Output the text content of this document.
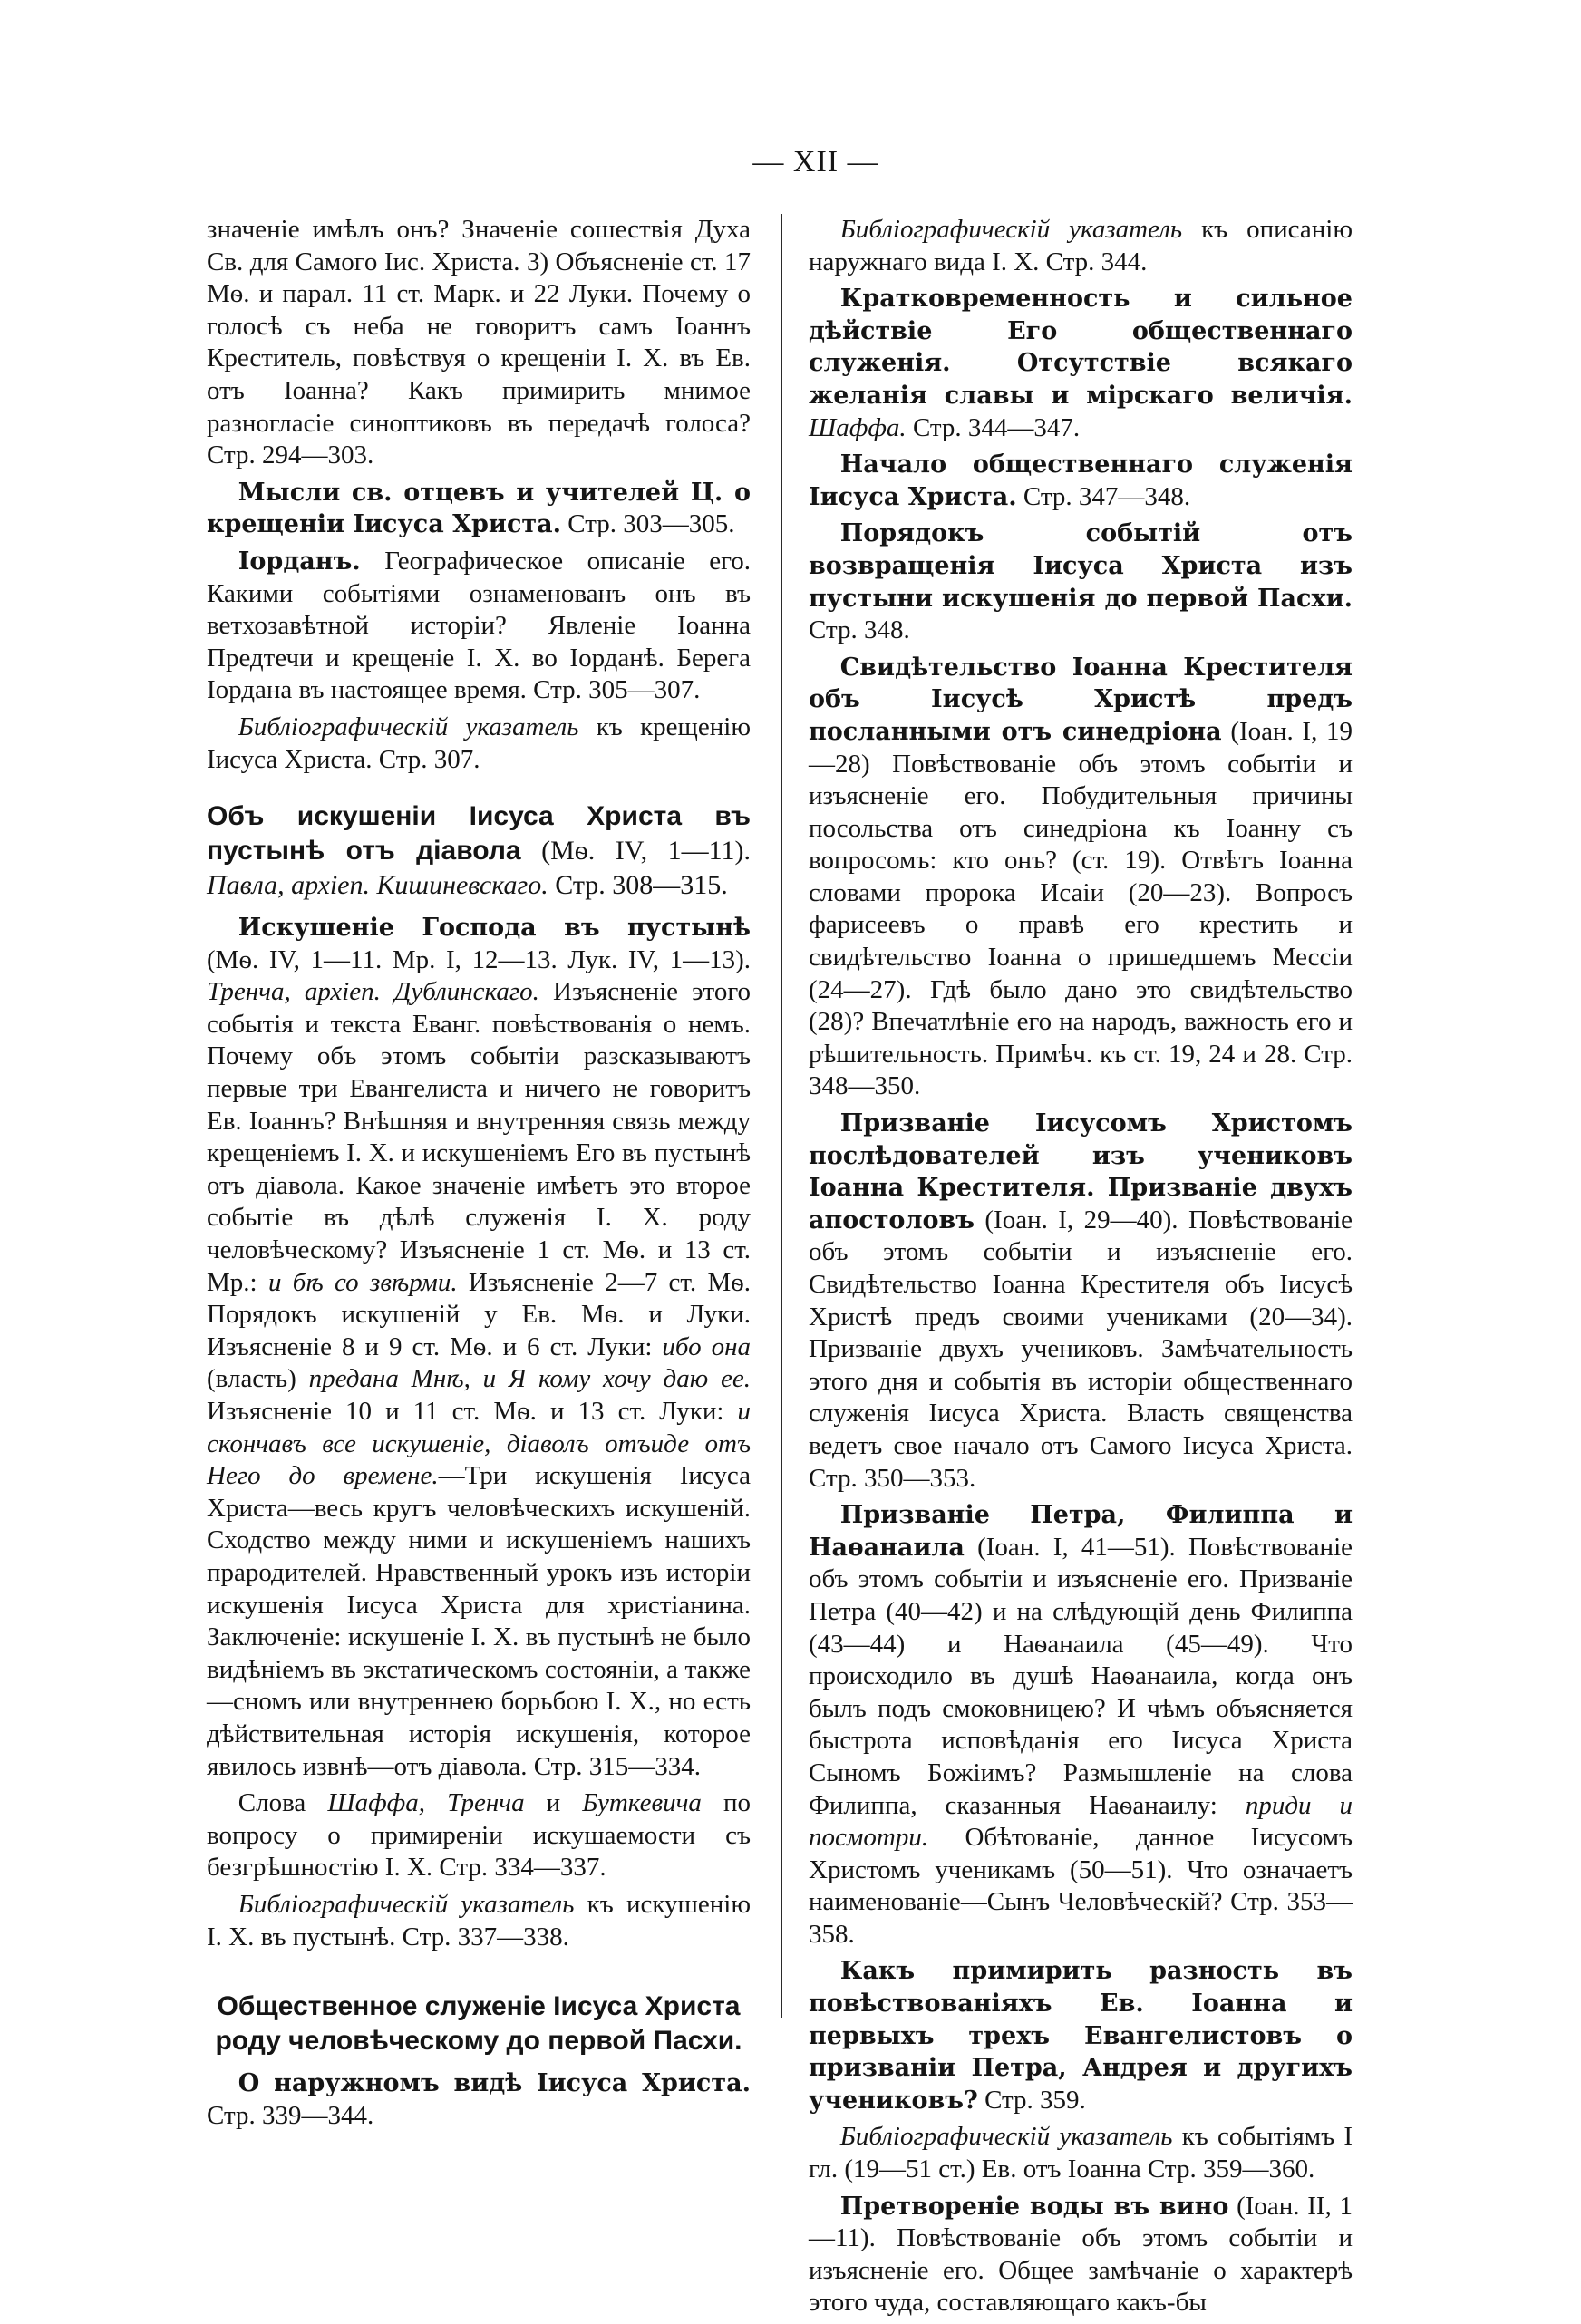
— XII —

значеніе имѣлъ онъ? Значеніе сошествія Духа Св. для Самого Іис. Христа. 3) Объясненіе ст. 17 Мѳ. и парал. 11 ст. Марк. и 22 Луки. Почему о голосѣ съ неба не говоритъ самъ Іоаннъ Креститель, повѣствуя о крещеніи І. Х. въ Ев. отъ Іоанна? Какъ примирить мнимое разногласіе синоптиковъ въ передачѣ голоса? Стр. 294—303.

Мысли св. отцевъ и учителей Ц. о крещеніи Іисуса Христа. Стр. 303—305.

Іорданъ. Географическое описаніе его. Какими событіями ознаменованъ онъ въ ветхозавѣтной исторіи? Явленіе Іоанна Предтечи и крещеніе І. Х. во Іорданѣ. Берега Іордана въ настоящее время. Стр. 305—307.

Библіографическій указатель къ крещенію Іисуса Христа. Стр. 307.

Объ искушеніи Іисуса Христа въ пустынѣ отъ діавола (Мѳ. IV, 1—11). Павла, архіеп. Кишиневскаго. Стр. 308—315.

Искушеніе Господа въ пустынѣ (Мѳ. IV, 1—11. Мр. I, 12—13. Лук. IV, 1—13). Тренча, архіеп. Дублинскаго. Изъясненіе этого событія и текста Еванг. повѣствованія о немъ. Почему объ этомъ событіи разсказываютъ первые три Евангелиста и ничего не говоритъ Ев. Іоаннъ? Внѣшняя и внутренняя связь между крещеніемъ І. Х. и искушеніемъ Его въ пустынѣ отъ діавола. Какое значеніе имѣетъ это второе событіе въ дѣлѣ служенія І. Х. роду человѣческому? Изъясненіе 1 ст. Мѳ. и 13 ст. Мр.: и бѣ со звѣрми. Изъясненіе 2—7 ст. Мѳ. Порядокъ искушеній у Ев. Мѳ. и Луки. Изъясненіе 8 и 9 ст. Мѳ. и 6 ст. Луки: ибо она (власть) предана Мнѣ, и Я кому хочу даю ее. Изъясненіе 10 и 11 ст. Мѳ. и 13 ст. Луки: и скончавъ все искушеніе, діаволъ отъиде отъ Него до времене.—Три искушенія Іисуса Христа—весь кругъ человѣческихъ искушеній. Сходство между ними и искушеніемъ нашихъ прародителей. Нравственный урокъ изъ исторіи искушенія Іисуса Христа для христіанина. Заключеніе: искушеніе І. Х. въ пустынѣ не было видѣніемъ въ экстатическомъ состояніи, а также—сномъ или внутреннею борьбою І. Х., но есть дѣйствительная исторія искушенія, которое явилось извнѣ—отъ діавола. Стр. 315—334.

Слова Шаффа, Тренча и Буткевича по вопросу о примиреніи искушаемости съ безгрѣшностію І. Х. Стр. 334—337.

Библіографическій указатель къ искушенію І. Х. въ пустынѣ. Стр. 337—338.

Общественное служеніе Іисуса Христа роду человѣческому до первой Пасхи.

О наружномъ видѣ Іисуса Христа. Стр. 339—344.

Библіографическій указатель къ описанію наружнаго вида І. Х. Стр. 344.

Кратковременность и сильное дѣйствіе Его общественнаго служенія. Отсутствіе всякаго желанія славы и мірскаго величія. Шаффа. Стр. 344—347.

Начало общественнаго служенія Іисуса Христа. Стр. 347—348.

Порядокъ событій отъ возвращенія Іисуса Христа изъ пустыни искушенія до первой Пасхи. Стр. 348.

Свидѣтельство Іоанна Крестителя объ Іисусѣ Христѣ предъ посланными отъ синедріона (Іоан. I, 19—28) Повѣствованіе объ этомъ событіи и изъясненіе его. Побудительныя причины посольства отъ синедріона къ Іоанну съ вопросомъ: кто онъ? (ст. 19). Отвѣтъ Іоанна словами пророка Исаіи (20—23). Вопросъ фарисеевъ о правѣ его крестить и свидѣтельство Іоанна о пришедшемъ Мессіи (24—27). Гдѣ было дано это свидѣтельство (28)? Впечатлѣніе его на народъ, важность его и рѣшительность. Примѣч. къ ст. 19, 24 и 28. Стр. 348—350.

Призваніе Іисусомъ Христомъ послѣдователей изъ учениковъ Іоанна Крестителя. Призваніе двухъ апостоловъ (Іоан. I, 29—40). Повѣствованіе объ этомъ событіи и изъясненіе его. Свидѣтельство Іоанна Крестителя объ Іисусѣ Христѣ предъ своими учениками (20—34). Призваніе двухъ учениковъ. Замѣчательность этого дня и событія въ исторіи общественнаго служенія Іисуса Христа. Власть священства ведетъ свое начало отъ Самого Іисуса Христа. Стр. 350—353.

Призваніе Петра, Филиппа и Наѳанаила (Іоан. I, 41—51). Повѣствованіе объ этомъ событіи и изъясненіе его. Призваніе Петра (40—42) и на слѣдующій день Филиппа (43—44) и Наѳанаила (45—49). Что происходило въ душѣ Наѳанаила, когда онъ былъ подъ смоковницею? И чѣмъ объясняется быстрота исповѣданія его Іисуса Христа Сыномъ Божіимъ? Размышленіе на слова Филиппа, сказанныя Наѳанаилу: приди и посмотри. Обѣтованіе, данное Іисусомъ Христомъ ученикамъ (50—51). Что означаетъ наименованіе—Сынъ Человѣческій? Стр. 353—358.

Какъ примирить разность въ повѣствованіяхъ Ев. Іоанна и первыхъ трехъ Евангелистовъ о призваніи Петра, Андрея и другихъ учениковъ? Стр. 359.

Библіографическій указатель къ событіямъ I гл. (19—51 ст.) Ев. отъ Іоанна Стр. 359—360.

Претвореніе воды въ вино (Іоан. II, 1—11). Повѣствованіе объ этомъ событіи и изъясненіе его. Общее замѣчаніе о характерѣ этого чуда, составляющаго какъ-бы
